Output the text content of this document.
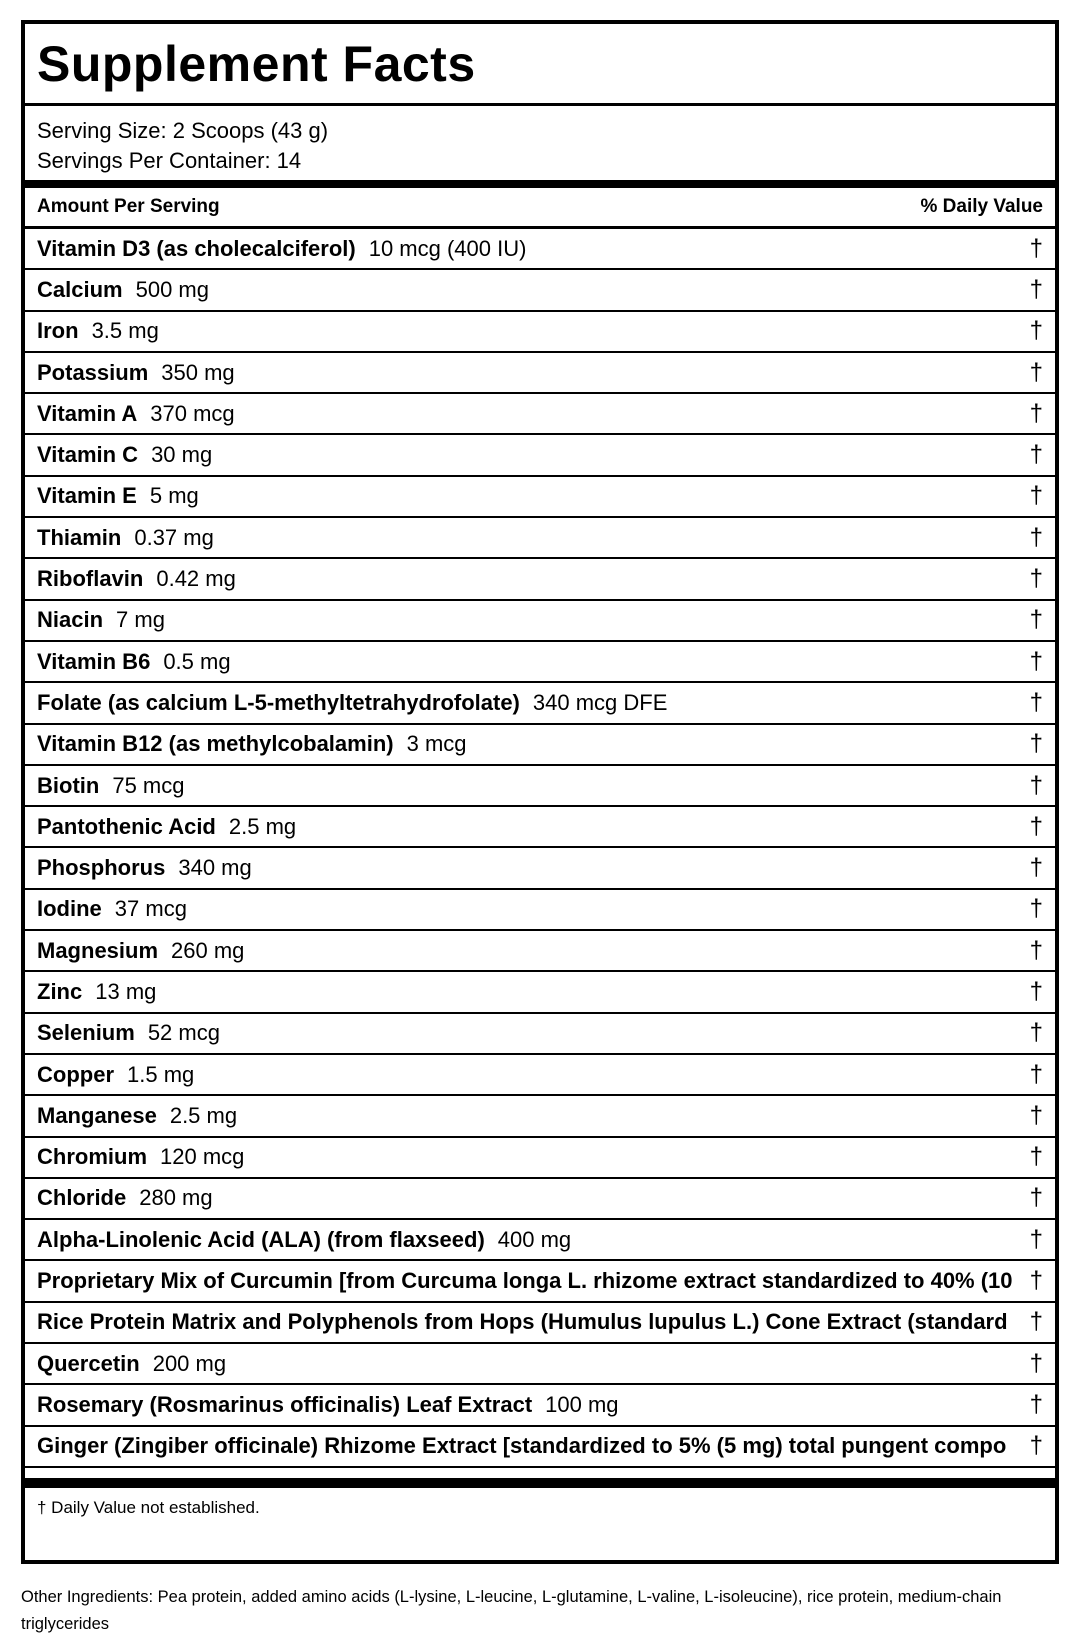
Supplement Facts
Serving Size: 2 Scoops (43 g)
Servings Per Container: 14
Amount Per Serving	% Daily Value
Vitamin D3 (as cholecalciferol) 10 mcg (400 IU)	†
Calcium 500 mg	†
Iron 3.5 mg	†
Potassium 350 mg	†
Vitamin A 370 mcg	†
Vitamin C 30 mg	†
Vitamin E 5 mg	†
Thiamin 0.37 mg	†
Riboflavin 0.42 mg	†
Niacin 7 mg	†
Vitamin B6 0.5 mg	†
Folate (as calcium L-5-methyltetrahydrofolate) 340 mcg DFE	†
Vitamin B12 (as methylcobalamin) 3 mcg	†
Biotin 75 mcg	†
Pantothenic Acid 2.5 mg	†
Phosphorus 340 mg	†
Iodine 37 mcg	†
Magnesium 260 mg	†
Zinc 13 mg	†
Selenium 52 mcg	†
Copper 1.5 mg	†
Manganese 2.5 mg	†
Chromium 120 mcg	†
Chloride 280 mg	†
Alpha-Linolenic Acid (ALA) (from flaxseed) 400 mg	†
Proprietary Mix of Curcumin [from Curcuma longa L. rhizome extract standardized to 40% (10 †
Rice Protein Matrix and Polyphenols from Hops (Humulus lupulus L.) Cone Extract (standard †
Quercetin 200 mg	†
Rosemary (Rosmarinus officinalis) Leaf Extract 100 mg	†
Ginger (Zingiber officinale) Rhizome Extract [standardized to 5% (5 mg) total pungent compo †
† Daily Value not established.
Other Ingredients: Pea protein, added amino acids (L-lysine, L-leucine, L-glutamine, L-valine, L-isoleucine), rice protein, medium-chain triglycerides
